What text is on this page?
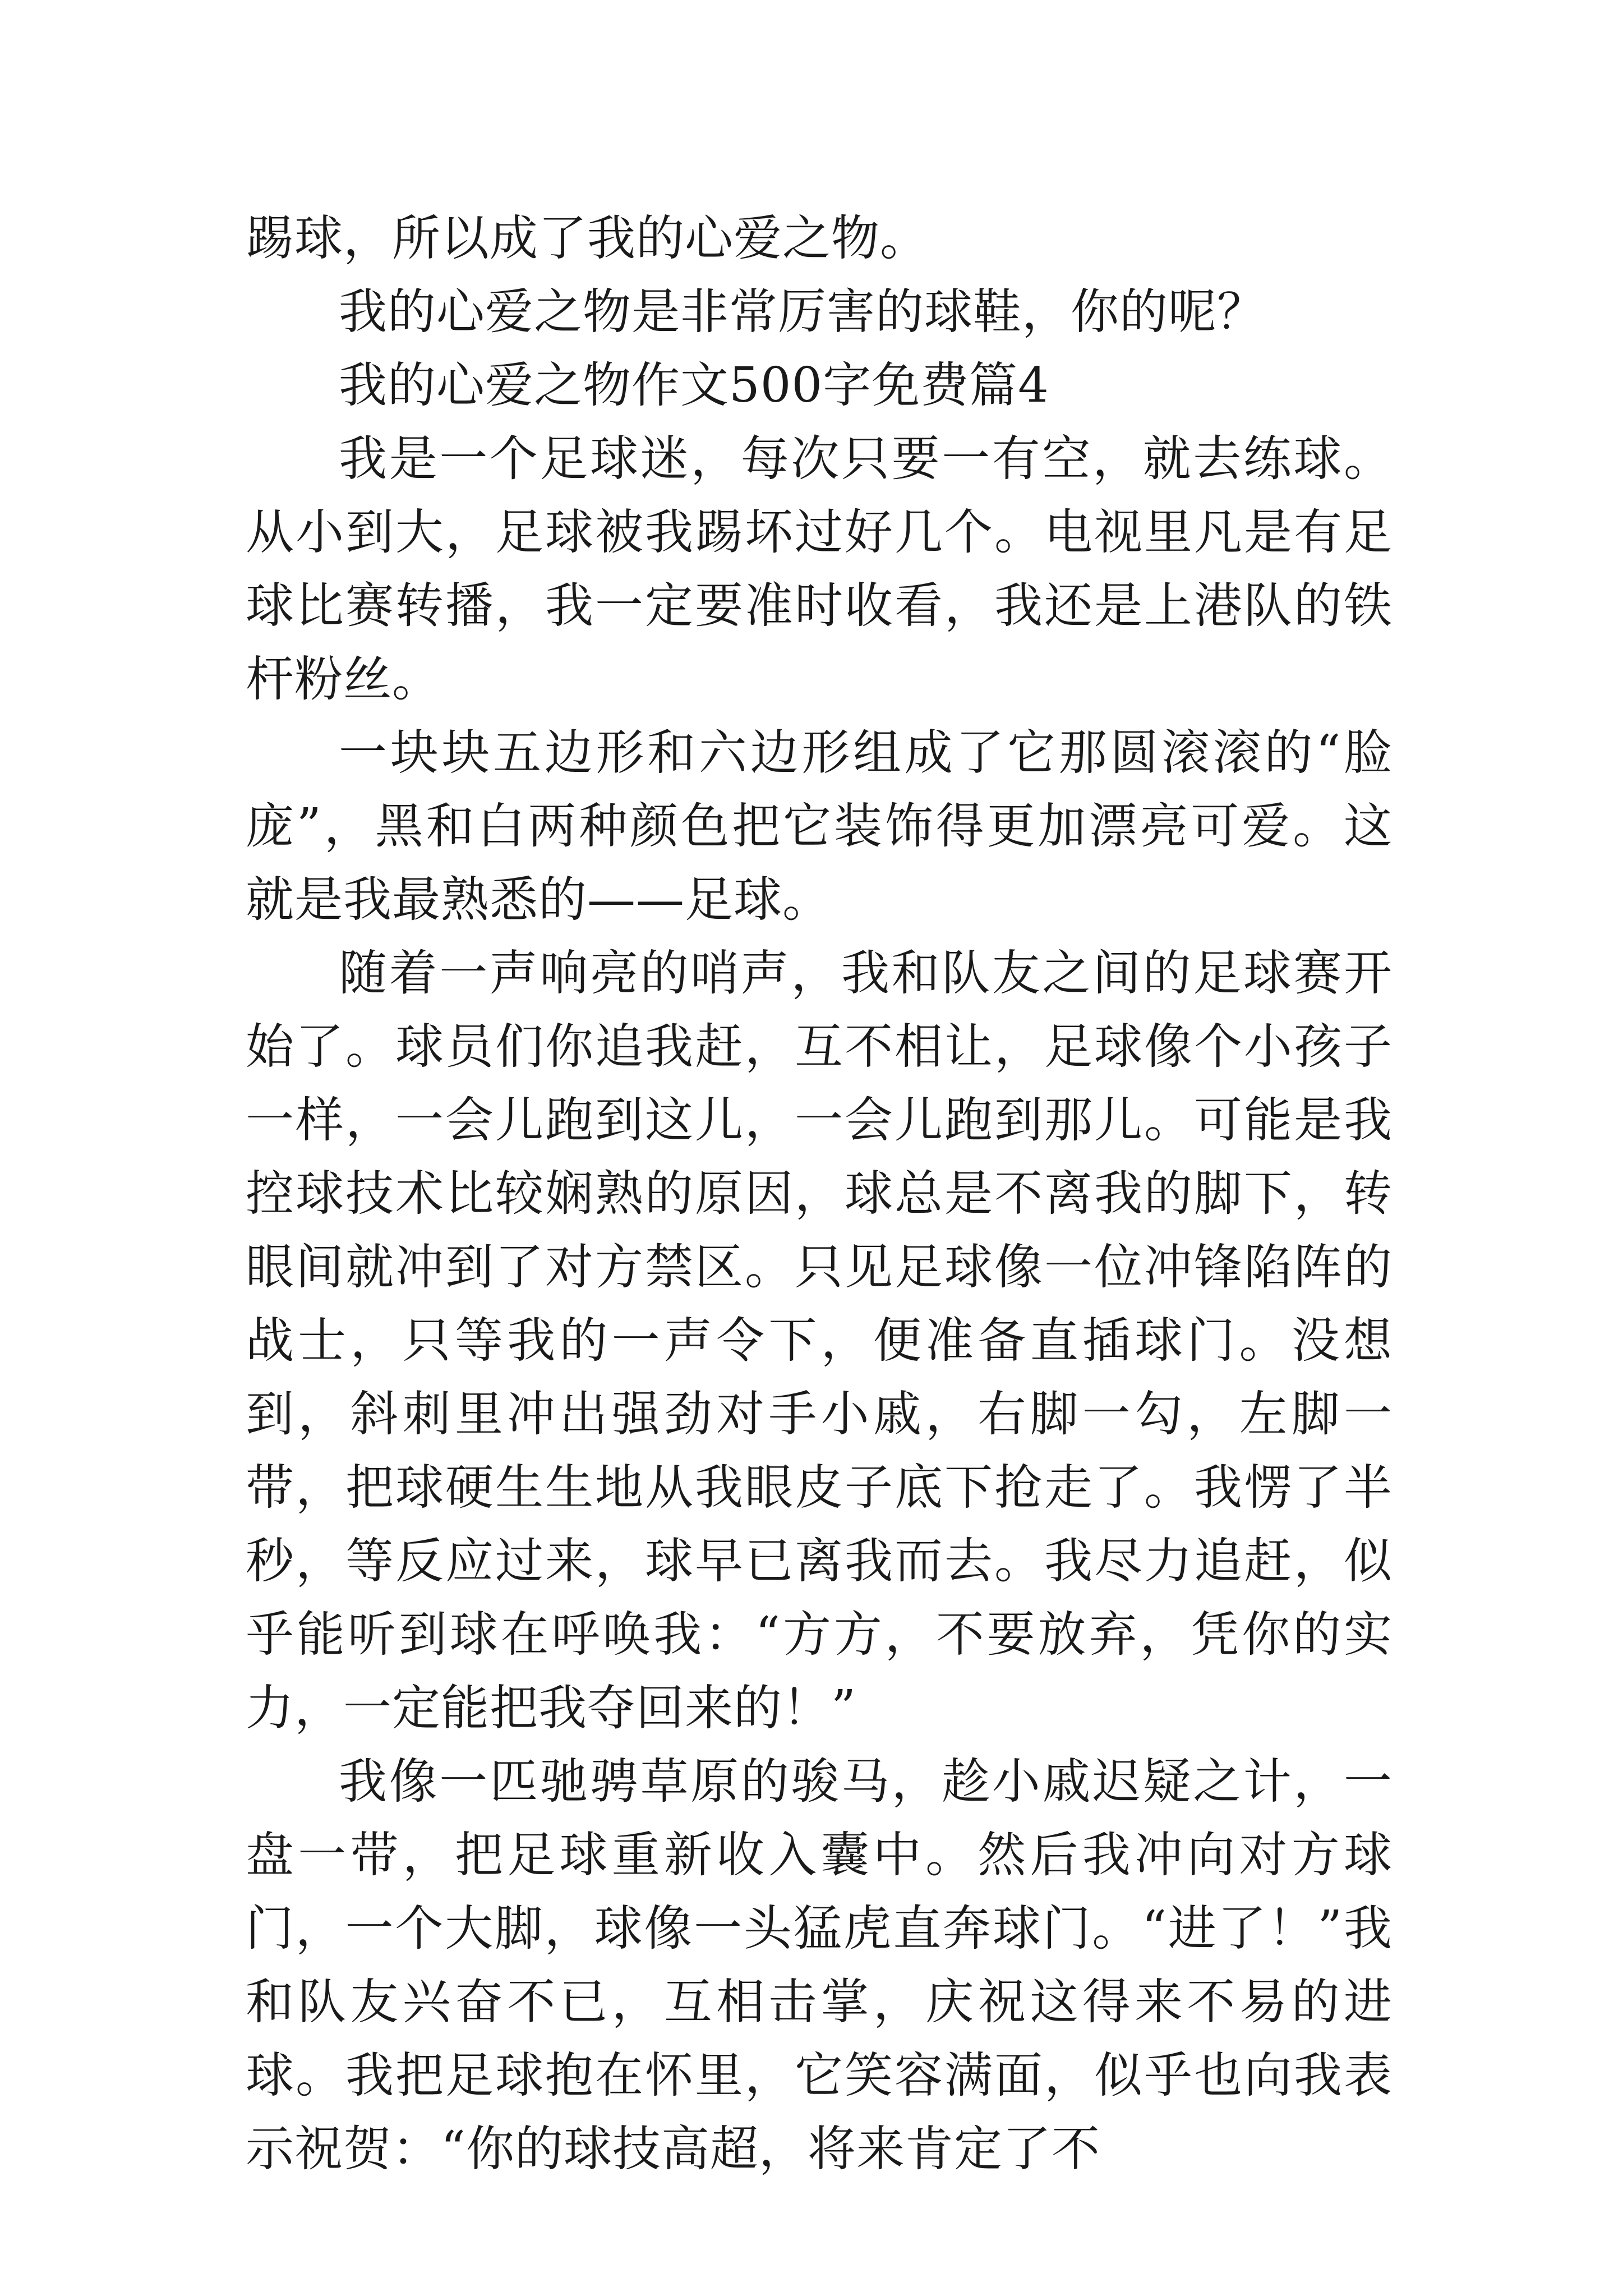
踢球，所以成了我的心爱之物。

我的心爱之物是非常厉害的球鞋，你的呢？

我的心爱之物作文500字免费篇4

我是一个足球迷，每次只要一有空，就去练球。从小到大，足球被我踢坏过好几个。电视里凡是有足球比赛转播，我一定要准时收看，我还是上港队的铁杆粉丝。

一块块五边形和六边形组成了它那圆滚滚的“脸庞”，黑和白两种颜色把它装饰得更加漂亮可爱。这就是我最熟悉的——足球。

随着一声响亮的哨声，我和队友之间的足球赛开始了。球员们你追我赶，互不相让，足球像个小孩子一样，一会儿跑到这儿，一会儿跑到那儿。可能是我控球技术比较娴熟的原因，球总是不离我的脚下，转眼间就冲到了对方禁区。只见足球像一位冲锋陷阵的战士，只等我的一声令下，便准备直插球门。没想到，斜刺里冲出强劲对手小戚，右脚一勾，左脚一带，把球硬生生地从我眼皮子底下抢走了。我愣了半秒，等反应过来，球早已离我而去。我尽力追赶，似乎能听到球在呼唤我：“方方，不要放弃，凭你的实力，一定能把我夺回来的！”

我像一匹驰骋草原的骏马，趁小戚迟疑之计，一盘一带，把足球重新收入囊中。然后我冲向对方球门，一个大脚，球像一头猛虎直奔球门。“进了！”我和队友兴奋不已，互相击掌，庆祝这得来不易的进球。我把足球抱在怀里，它笑容满面，似乎也向我表示祝贺：“你的球技高超，将来肯定了不
